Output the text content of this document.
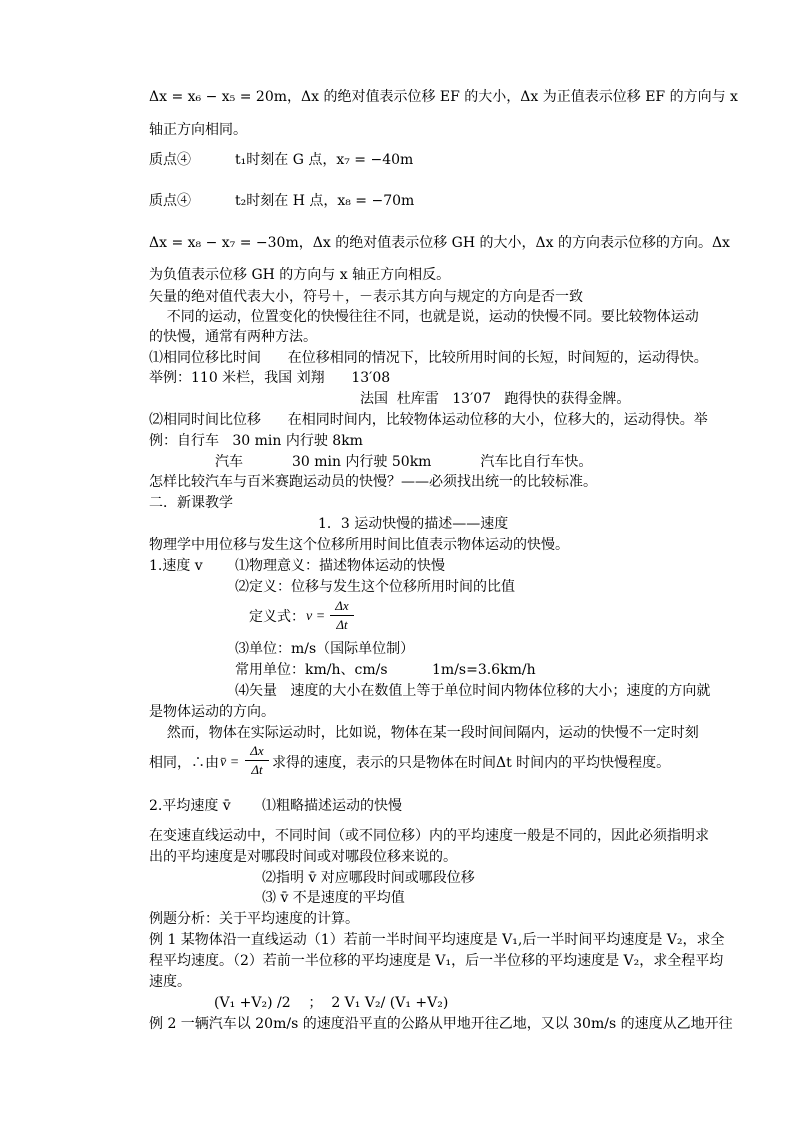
Δx = x₆ − x₅ = 20m，Δx 的绝对值表示位移 EF 的大小，Δx 为正值表示位移 EF 的方向与 x
轴正方向相同。
质点④	t₁时刻在 G 点，x₇ = −40m
质点④	t₂时刻在 H 点，x₈ = −70m
Δx = x₈ − x₇ = −30m，Δx 的绝对值表示位移 GH 的大小，Δx 的方向表示位移的方向。Δx
为负值表示位移 GH 的方向与 x 轴正方向相反。
矢量的绝对值代表大小，符号＋，－表示其方向与规定的方向是否一致
不同的运动，位置变化的快慢往往不同，也就是说，运动的快慢不同。要比较物体运动
的快慢，通常有两种方法。
⑴相同位移比时间      在位移相同的情况下，比较所用时间的长短，时间短的，运动得快。
举例：110 米栏，我国 刘翔      13′08
法国  杜库雷   13′07   跑得快的获得金牌。
⑵相同时间比位移      在相同时间内，比较物体运动位移的大小，位移大的，运动得快。举
例：自行车   30 min 内行驶 8km
汽车           30 min 内行驶 50km           汽车比自行车快。
怎样比较汽车与百米赛跑运动员的快慢？——必须找出统一的比较标准。
二．新课教学
1．3 运动快慢的描述——速度
物理学中用位移与发生这个位移所用时间比值表示物体运动的快慢。
1.速度 v ⑴物理意义：描述物体运动的快慢
⑵定义：位移与发生这个位移所用时间的比值
定义式： $v = \frac{\Delta x}{\Delta t}$
⑶单位：m/s（国际单位制）
常用单位：km/h、cm/s          1m/s=3.6km/h
⑷矢量   速度的大小在数值上等于单位时间内物体位移的大小；速度的方向就
是物体运动的方向。
然而，物体在实际运动时，比如说，物体在某一段时间间隔内，运动的快慢不一定时刻
相同，∴由 v̄ = $\frac{\Delta x}{\Delta t}$ 求得的速度，表示的只是物体在时间Δt 时间内的平均快慢程度。
2.平均速度 v̄ ⑴粗略描述运动的快慢
在变速直线运动中，不同时间（或不同位移）内的平均速度一般是不同的，因此必须指明求
出的平均速度是对哪段时间或对哪段位移来说的。
⑵指明 v̄ 对应哪段时间或哪段位移
⑶ v̄ 不是速度的平均值
例题分析：关于平均速度的计算。
例 1 某物体沿一直线运动（1）若前一半时间平均速度是 V₁,后一半时间平均速度是 V₂，求全
程平均速度。（2）若前一半位移的平均速度是 V₁，后一半位移的平均速度是 V₂，求全程平均
速度。
(V₁ +V₂) /2    ；  2 V₁ V₂/ (V₁ +V₂)
例 2 一辆汽车以 20m/s 的速度沿平直的公路从甲地开往乙地，又以 30m/s 的速度从乙地开往
